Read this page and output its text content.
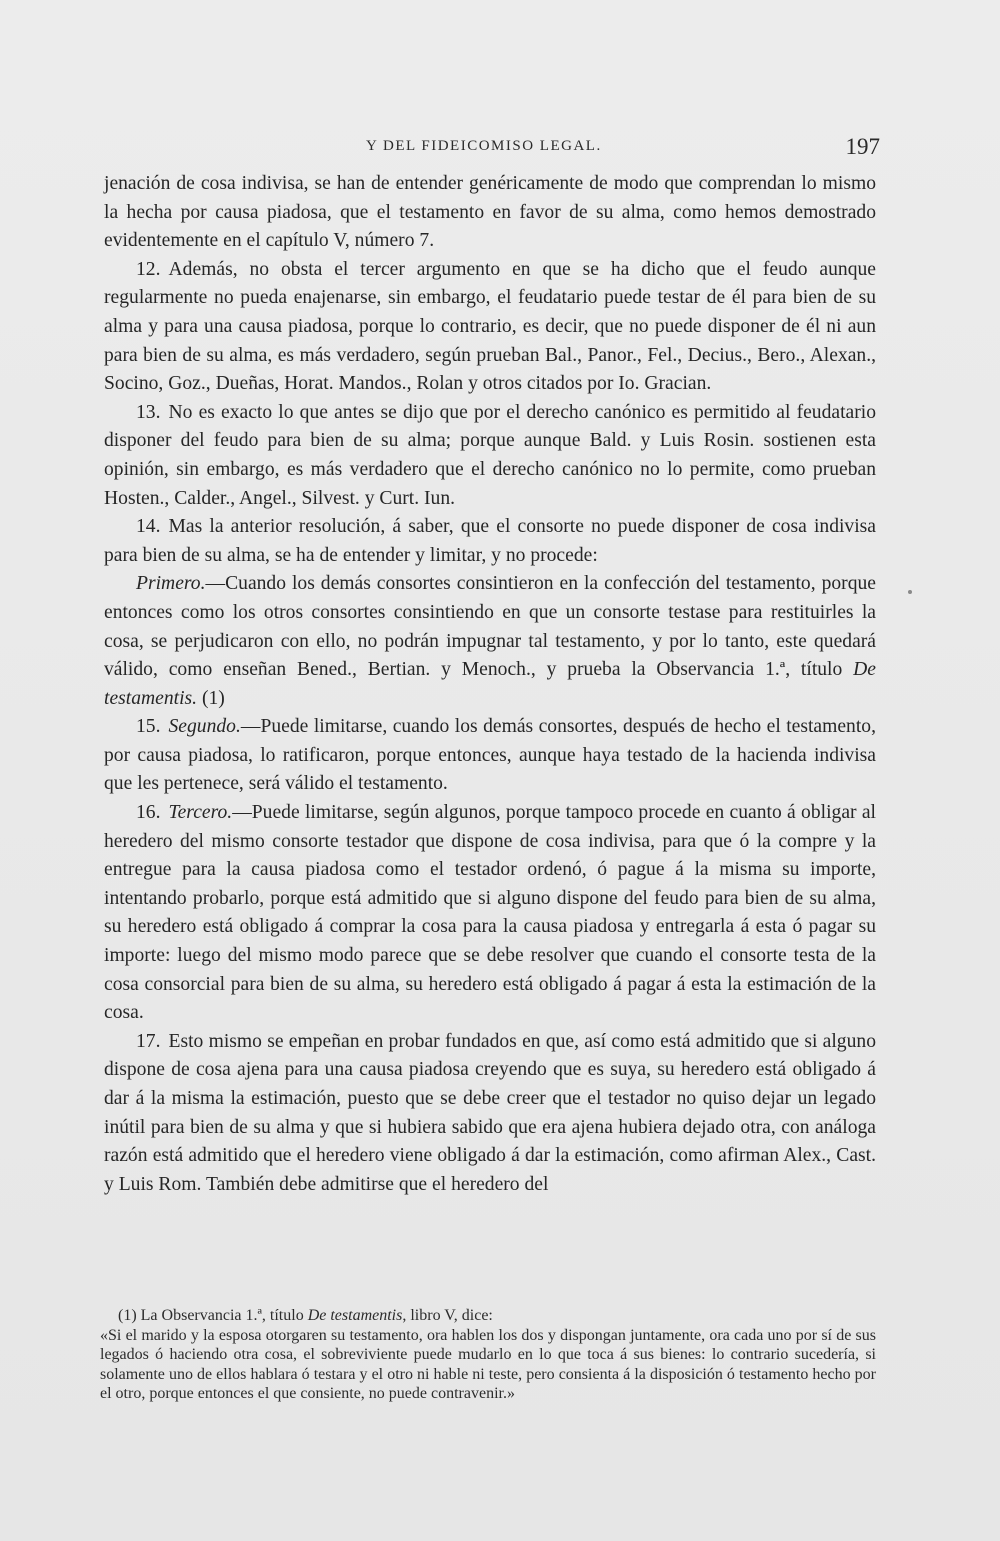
Y DEL FIDEICOMISO LEGAL.	197

jenación de cosa indivisa, se han de entender genéricamente de modo que comprendan lo mismo la hecha por causa piadosa, que el testamento en favor de su alma, como hemos demostrado evidentemente en el capítulo V, número 7.

12. Además, no obsta el tercer argumento en que se ha dicho que el feudo aunque regularmente no pueda enajenarse, sin embargo, el feudatario puede testar de él para bien de su alma y para una causa piadosa, porque lo contrario, es decir, que no puede disponer de él ni aun para bien de su alma, es más verdadero, según prueban Bal., Panor., Fel., Decius., Bero., Alexan., Socino, Goz., Dueñas, Horat. Mandos., Rolan y otros citados por Io. Gracian.

13. No es exacto lo que antes se dijo que por el derecho canónico es permitido al feudatario disponer del feudo para bien de su alma; porque aunque Bald. y Luis Rosin. sostienen esta opinión, sin embargo, es más verdadero que el derecho canónico no lo permite, como prueban Hosten., Calder., Angel., Silvest. y Curt. Iun.

14. Mas la anterior resolución, á saber, que el consorte no puede disponer de cosa indivisa para bien de su alma, se ha de entender y limitar, y no procede:

Primero.—Cuando los demás consortes consintieron en la confección del testamento, porque entonces como los otros consortes consintiendo en que un consorte testase para restituirles la cosa, se perjudicaron con ello, no podrán impugnar tal testamento, y por lo tanto, este quedará válido, como enseñan Bened., Bertian. y Menoch., y prueba la Observancia 1.ª, título De testamentis. (1)

15. Segundo.—Puede limitarse, cuando los demás consortes, después de hecho el testamento, por causa piadosa, lo ratificaron, porque entonces, aunque haya testado de la hacienda indivisa que les pertenece, será válido el testamento.

16. Tercero.—Puede limitarse, según algunos, porque tampoco procede en cuanto á obligar al heredero del mismo consorte testador que dispone de cosa indivisa, para que ó la compre y la entregue para la causa piadosa como el testador ordenó, ó pague á la misma su importe, intentando probarlo, porque está admitido que si alguno dispone del feudo para bien de su alma, su heredero está obligado á comprar la cosa para la causa piadosa y entregarla á esta ó pagar su importe: luego del mismo modo parece que se debe resolver que cuando el consorte testa de la cosa consorcial para bien de su alma, su heredero está obligado á pagar á esta la estimación de la cosa.

17. Esto mismo se empeñan en probar fundados en que, así como está admitido que si alguno dispone de cosa ajena para una causa piadosa creyendo que es suya, su heredero está obligado á dar á la misma la estimación, puesto que se debe creer que el testador no quiso dejar un legado inútil para bien de su alma y que si hubiera sabido que era ajena hubiera dejado otra, con análoga razón está admitido que el heredero viene obligado á dar la estimación, como afirman Alex., Cast. y Luis Rom. También debe admitirse que el heredero del

(1) La Observancia 1.ª, título De testamentis, libro V, dice:

«Si el marido y la esposa otorgaren su testamento, ora hablen los dos y dispongan juntamente, ora cada uno por sí de sus legados ó haciendo otra cosa, el sobreviviente puede mudarlo en lo que toca á sus bienes: lo contrario sucedería, si solamente uno de ellos hablara ó testara y el otro ni hable ni teste, pero consienta á la disposición ó testamento hecho por el otro, porque entonces el que consiente, no puede contravenir.»
